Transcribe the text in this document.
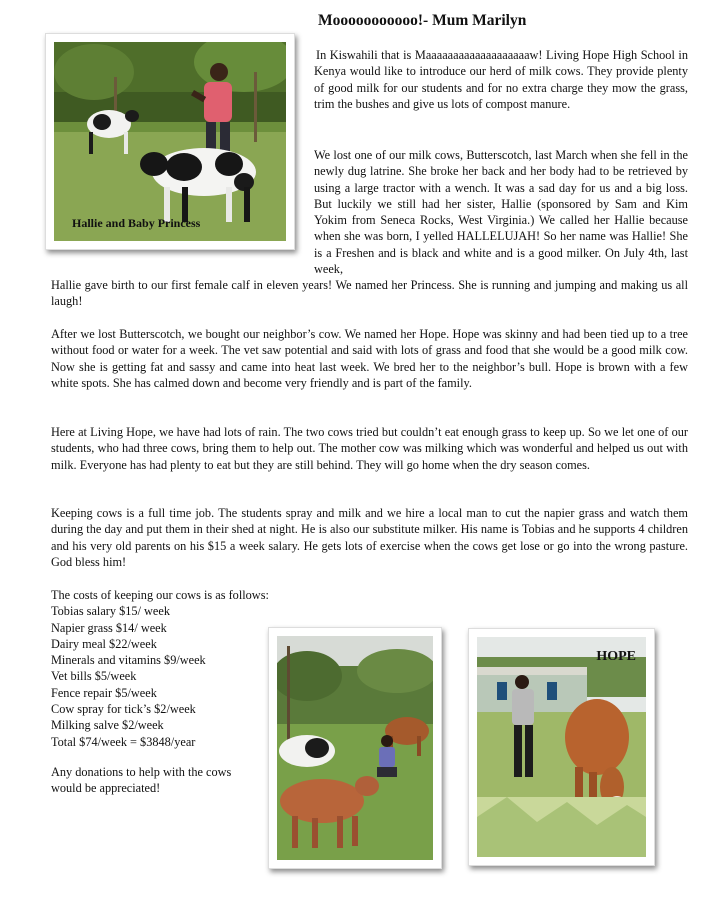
Mooooooooooo!- Mum Marilyn
Hallie and Baby Princess

In Kiswahili that is Maaaaaaaaaaaaaaaaaaaw! Living Hope High School in Kenya would like to introduce our herd of milk cows. They provide plenty of good milk for our students and for no extra charge they mow the grass, trim the bushes and give us lots of compost manure.

We lost one of our milk cows, Butterscotch, last March when she fell in the newly dug latrine. She broke her back and her body had to be retrieved by using a large tractor with a wench. It was a sad day for us and a big loss. But luckily we still had her sister, Hallie (sponsored by Sam and Kim Yokim from Seneca Rocks, West Virginia.) We called her Hallie because when she was born, I yelled HALLELUJAH! So her name was Hallie! She is a Freshen and is black and white and is a good milker. On July 4th, last week,

Hallie gave birth to our first female calf in eleven years! We named her Princess. She is running and jumping and making us all laugh!

After we lost Butterscotch, we bought our neighbor’s cow. We named her Hope. Hope was skinny and had been tied up to a tree without food or water for a week. The vet saw potential and said with lots of grass and food that she would be a good milk cow. Now she is getting fat and sassy and came into heat last week. We bred her to the neighbor’s bull. Hope is brown with a few white spots. She has calmed down and become very friendly and is part of the family.

Here at Living Hope, we have had lots of rain. The two cows tried but couldn’t eat enough grass to keep up. So we let one of our students, who had three cows, bring them to help out. The mother cow was milking which was wonderful and helped us out with milk. Everyone has had plenty to eat but they are still behind. They will go home when the dry season comes.

Keeping cows is a full time job. The students spray and milk and we hire a local man to cut the napier grass and watch them during the day and put them in their shed at night. He is also our substitute milker. His name is Tobias and he supports 4 children and his very old parents on his $15 a week salary. He gets lots of exercise when the cows get lose or go into the wrong pasture. God bless him!

The costs of keeping our cows is as follows:
Tobias salary $15/ week
Napier grass $14/ week
Dairy meal $22/week
Minerals and vitamins $9/week
Vet bills $5/week
Fence repair $5/week
Cow spray for tick’s $2/week
Milking salve $2/week
Total $74/week = $3848/year

Any donations to help with the cows would be appreciated!

HOPE
